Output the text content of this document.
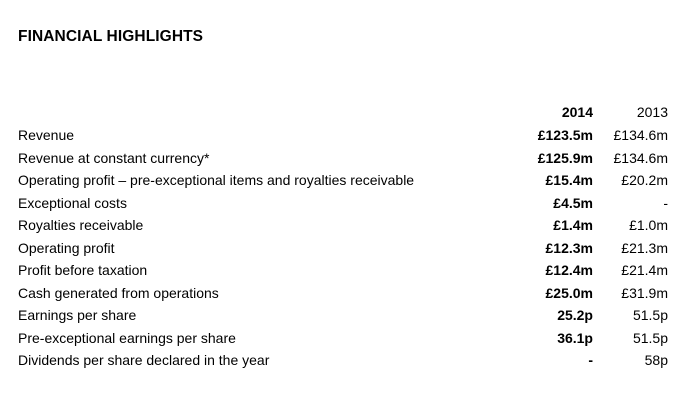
FINANCIAL HIGHLIGHTS
	2014	2013
Revenue	£123.5m	£134.6m
Revenue at constant currency*	£125.9m	£134.6m
Operating profit – pre-exceptional items and royalties receivable	£15.4m	£20.2m
Exceptional costs	£4.5m	-
Royalties receivable	£1.4m	£1.0m
Operating profit	£12.3m	£21.3m
Profit before taxation	£12.4m	£21.4m
Cash generated from operations	£25.0m	£31.9m
Earnings per share	25.2p	51.5p
Pre-exceptional earnings per share	36.1p	51.5p
Dividends per share declared in the year	-	58p
